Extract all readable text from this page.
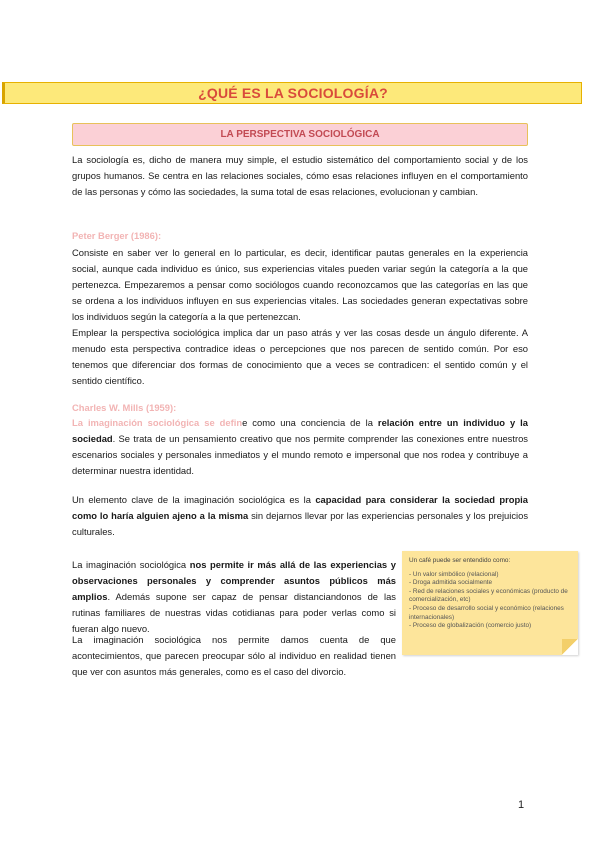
¿QUÉ ES LA SOCIOLOGÍA?
LA PERSPECTIVA SOCIOLÓGICA

La sociología es, dicho de manera muy simple, el estudio sistemático del comportamiento social y de los grupos humanos. Se centra en las relaciones sociales, cómo esas relaciones influyen en el comportamiento de las personas y cómo las sociedades, la suma total de esas relaciones, evolucionan y cambian.

Peter Berger (1986):

Consiste en saber ver lo general en lo particular, es decir, identificar pautas generales en la experiencia social, aunque cada individuo es único, sus experiencias vitales pueden variar según la categoría a la que pertenezca. Empezaremos a pensar como sociólogos cuando reconozcamos que las categorías en las que se ordena a los individuos influyen en sus experiencias vitales. Las sociedades generan expectativas sobre los individuos según la categoría a la que pertenezcan.

Emplear la perspectiva sociológica implica dar un paso atrás y ver las cosas desde un ángulo diferente. A menudo esta perspectiva contradice ideas o percepciones que nos parecen de sentido común. Por eso tenemos que diferenciar dos formas de conocimiento que a veces se contradicen: el sentido común y el sentido científico.

Charles W. Mills (1959):

La imaginación sociológica se define como una conciencia de la relación entre un individuo y la sociedad. Se trata de un pensamiento creativo que nos permite comprender las conexiones entre nuestros escenarios sociales y personales inmediatos y el mundo remoto e impersonal que nos rodea y contribuye a determinar nuestra identidad.

Un elemento clave de la imaginación sociológica es la capacidad para considerar la sociedad propia como lo haría alguien ajeno a la misma sin dejarnos llevar por las experiencias personales y los prejuicios culturales.

La imaginación sociológica nos permite ir más allá de las experiencias y observaciones personales y comprender asuntos públicos más amplios. Además supone ser capaz de pensar distanciandonos de las rutinas familiares de nuestras vidas cotidianas para poder verlas como si fueran algo nuevo.

La imaginación sociológica nos permite damos cuenta de que acontecimientos, que parecen preocupar sólo al individuo en realidad tienen que ver con asuntos más generales, como es el caso del divorcio.

Un café puede ser entendido como:

- Un valor simbólico (relacional)
- Droga admitida socialmente
- Red de relaciones sociales y económicas (producto de comercialización, etc)
- Proceso de desarrollo social y económico (relaciones internacionales)
- Proceso de globalización (comercio justo)
1
